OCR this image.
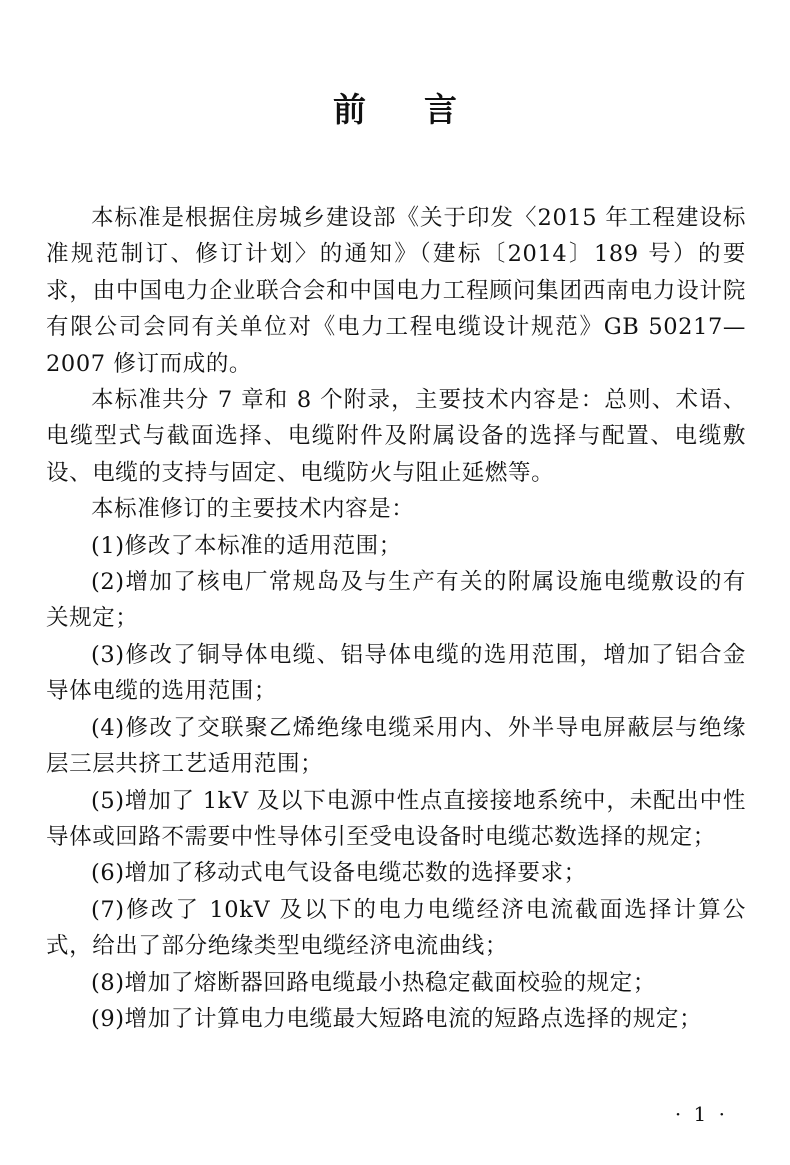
前言

本标准是根据住房城乡建设部《关于印发〈2015 年工程建设标准规范制订、修订计划〉的通知》（建标〔2014〕189 号）的要求，由中国电力企业联合会和中国电力工程顾问集团西南电力设计院有限公司会同有关单位对《电力工程电缆设计规范》GB 50217—2007 修订而成的。

本标准共分 7 章和 8 个附录，主要技术内容是：总则、术语、电缆型式与截面选择、电缆附件及附属设备的选择与配置、电缆敷设、电缆的支持与固定、电缆防火与阻止延燃等。

本标准修订的主要技术内容是：

(1)修改了本标准的适用范围；

(2)增加了核电厂常规岛及与生产有关的附属设施电缆敷设的有关规定；

(3)修改了铜导体电缆、铝导体电缆的选用范围，增加了铝合金导体电缆的选用范围；

(4)修改了交联聚乙烯绝缘电缆采用内、外半导电屏蔽层与绝缘层三层共挤工艺适用范围；

(5)增加了 1kV 及以下电源中性点直接接地系统中，未配出中性导体或回路不需要中性导体引至受电设备时电缆芯数选择的规定；

(6)增加了移动式电气设备电缆芯数的选择要求；

(7)修改了 10kV 及以下的电力电缆经济电流截面选择计算公式，给出了部分绝缘类型电缆经济电流曲线；

(8)增加了熔断器回路电缆最小热稳定截面校验的规定；

(9)增加了计算电力电缆最大短路电流的短路点选择的规定；

· 1 ·
